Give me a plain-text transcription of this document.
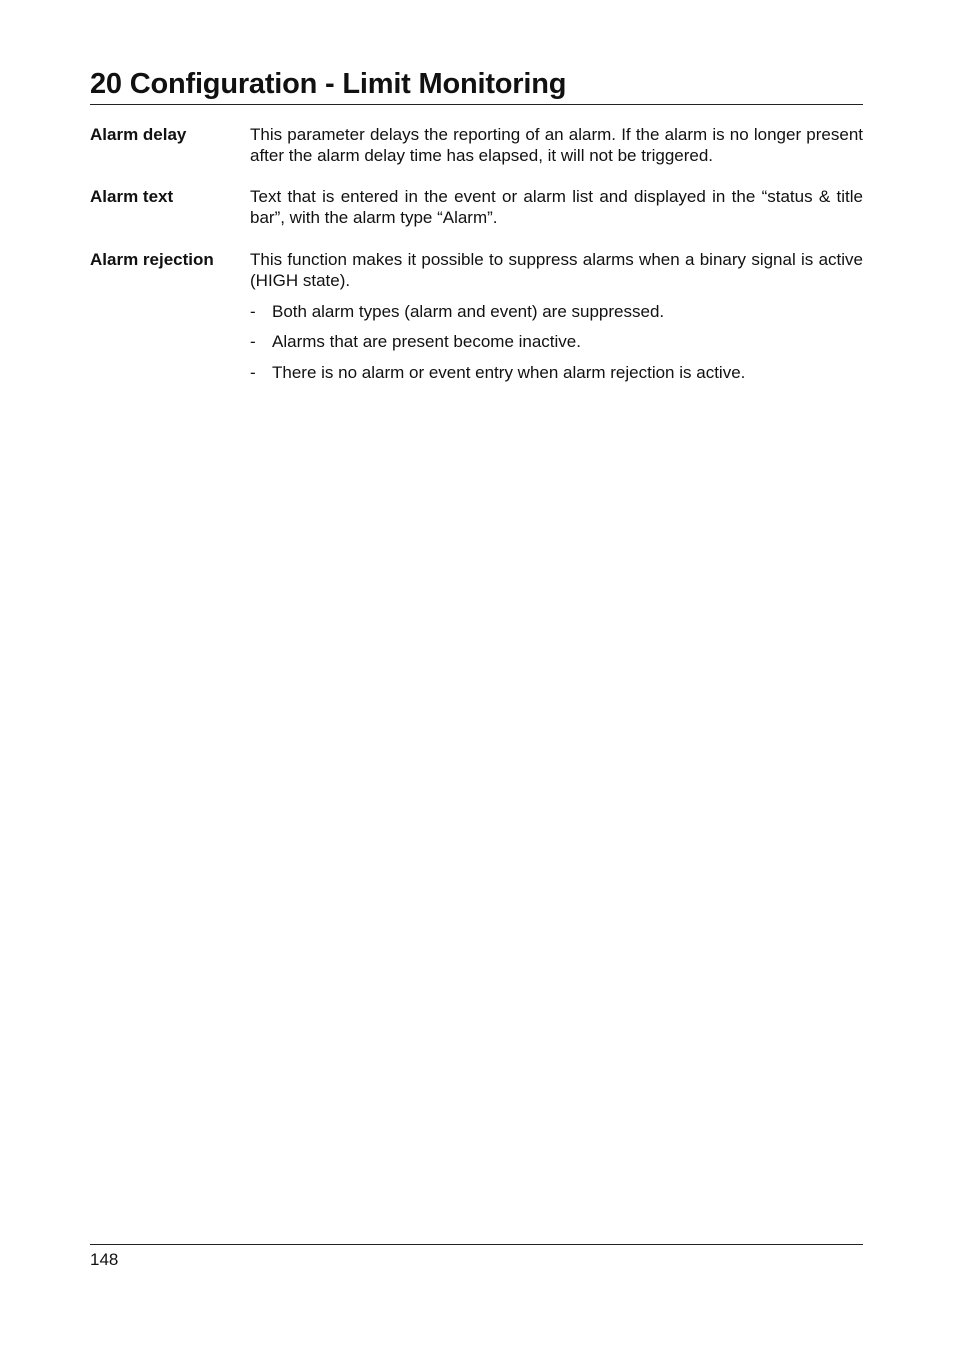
20 Configuration - Limit Monitoring
Alarm delay	This parameter delays the reporting of an alarm. If the alarm is no longer present after the alarm delay time has elapsed, it will not be triggered.
Alarm text	Text that is entered in the event or alarm list and displayed in the “status & title bar”, with the alarm type “Alarm”.
Alarm rejection	This function makes it possible to suppress alarms when a binary signal is active (HIGH state).
- Both alarm types (alarm and event) are suppressed.
- Alarms that are present become inactive.
- There is no alarm or event entry when alarm rejection is active.
148
